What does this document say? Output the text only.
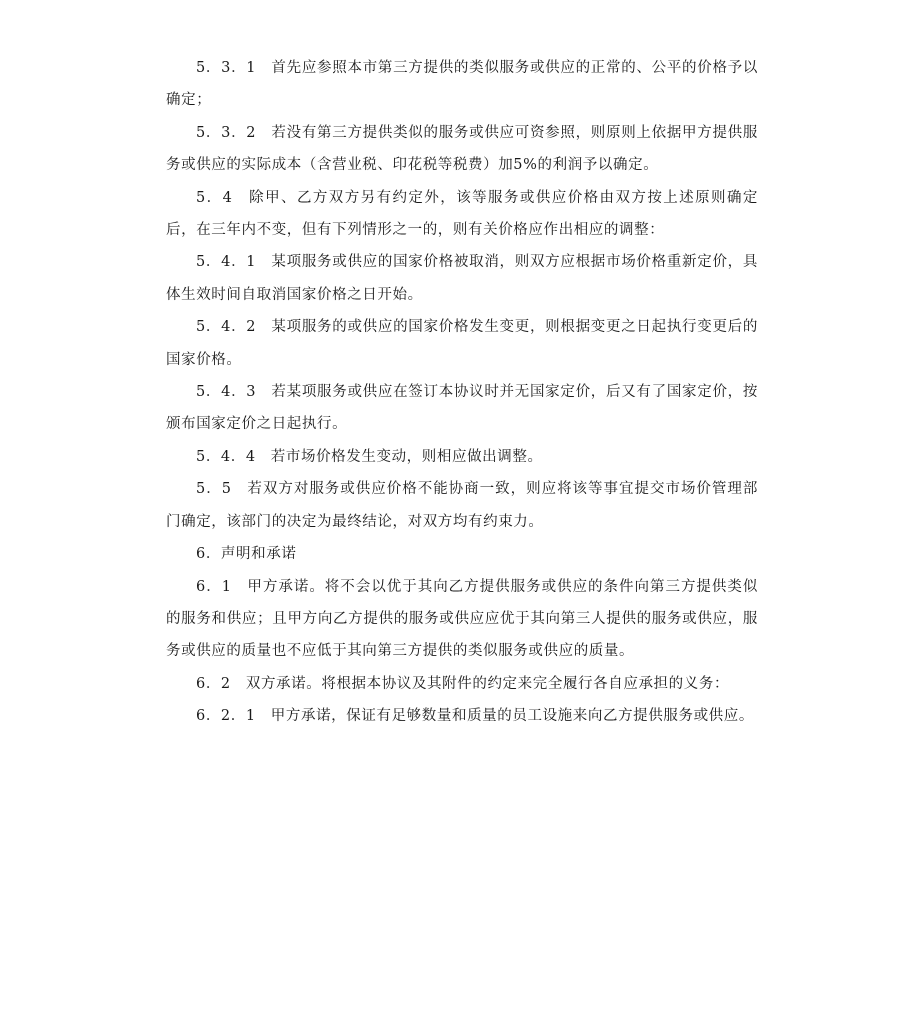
5．3．1　首先应参照本市第三方提供的类似服务或供应的正常的、公平的价格予以确定；

5．3．2　若没有第三方提供类似的服务或供应可资参照，则原则上依据甲方提供服务或供应的实际成本（含营业税、印花税等税费）加5%的利润予以确定。

5．4　除甲、乙方双方另有约定外，该等服务或供应价格由双方按上述原则确定后，在三年内不变，但有下列情形之一的，则有关价格应作出相应的调整：

5．4．1　某项服务或供应的国家价格被取消，则双方应根据市场价格重新定价，具体生效时间自取消国家价格之日开始。

5．4．2　某项服务的或供应的国家价格发生变更，则根据变更之日起执行变更后的国家价格。

5．4．3　若某项服务或供应在签订本协议时并无国家定价，后又有了国家定价，按颁布国家定价之日起执行。

5．4．4　若市场价格发生变动，则相应做出调整。

5．5　若双方对服务或供应价格不能协商一致，则应将该等事宜提交市场价管理部门确定，该部门的决定为最终结论，对双方均有约束力。

6．声明和承诺

6．1　甲方承诺。将不会以优于其向乙方提供服务或供应的条件向第三方提供类似的服务和供应；且甲方向乙方提供的服务或供应应优于其向第三人提供的服务或供应，服务或供应的质量也不应低于其向第三方提供的类似服务或供应的质量。

6．2　双方承诺。将根据本协议及其附件的约定来完全履行各自应承担的义务：

6．2．1　甲方承诺，保证有足够数量和质量的员工设施来向乙方提供服务或供应。
